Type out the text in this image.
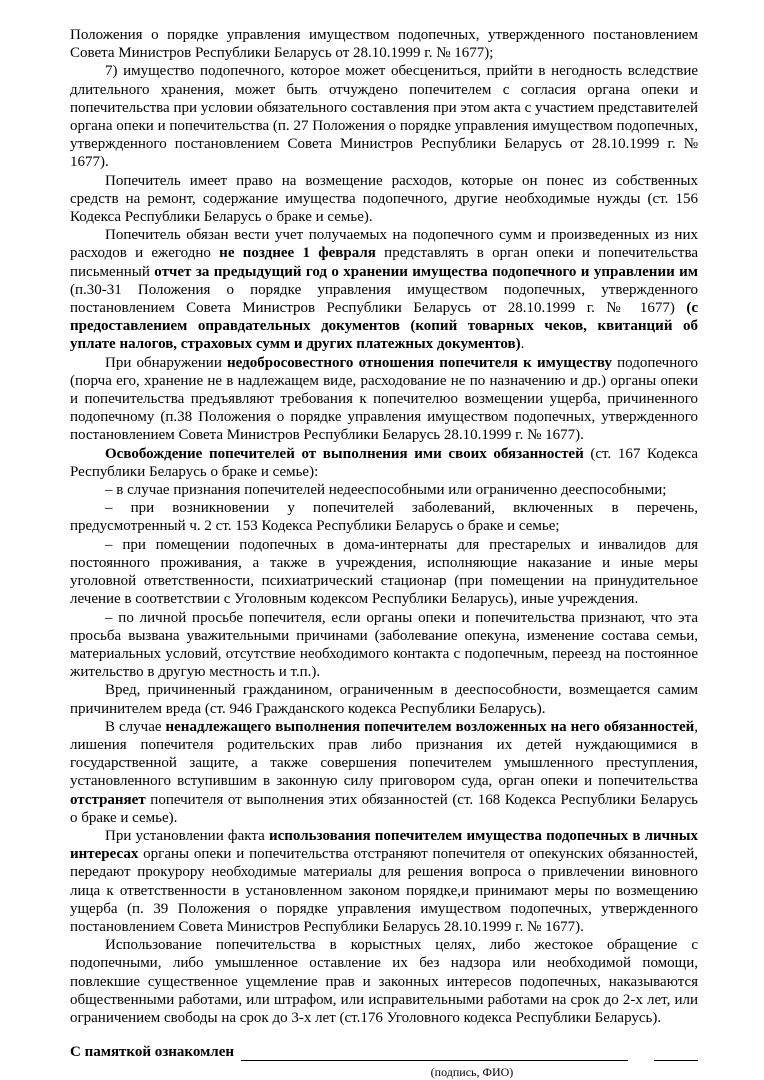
Положения о порядке управления имуществом подопечных, утвержденного постановлением Совета Министров Республики Беларусь от 28.10.1999 г. № 1677);

7) имущество подопечного, которое может обесцениться, прийти в негодность вследствие длительного хранения, может быть отчуждено попечителем с согласия органа опеки и попечительства при условии обязательного составления при этом акта с участием представителей органа опеки и попечительства (п. 27 Положения о порядке управления имуществом подопечных, утвержденного постановлением Совета Министров Республики Беларусь от 28.10.1999 г. № 1677).

Попечитель имеет право на возмещение расходов, которые он понес из собственных средств на ремонт, содержание имущества подопечного, другие необходимые нужды (ст. 156 Кодекса Республики Беларусь о браке и семье).

Попечитель обязан вести учет получаемых на подопечного сумм и произведенных из них расходов и ежегодно не позднее 1 февраля представлять в орган опеки и попечительства письменный отчет за предыдущий год о хранении имущества подопечного и управлении им (п.30-31 Положения о порядке управления имуществом подопечных, утвержденного постановлением Совета Министров Республики Беларусь от 28.10.1999 г. № 1677) (с предоставлением оправдательных документов (копий товарных чеков, квитанций об уплате налогов, страховых сумм и других платежных документов).

При обнаружении недобросовестного отношения попечителя к имуществу подопечного (порча его, хранение не в надлежащем виде, расходование не по назначению и др.) органы опеки и попечительства предъявляют требования к попечителюо возмещении ущерба, причиненного подопечному (п.38 Положения о порядке управления имуществом подопечных, утвержденного постановлением Совета Министров Республики Беларусь 28.10.1999 г. № 1677).

Освобождение попечителей от выполнения ими своих обязанностей (ст. 167 Кодекса Республики Беларусь о браке и семье):

– в случае признания попечителей недееспособными или ограниченно дееспособными;

– при возникновении у попечителей заболеваний, включенных в перечень, предусмотренный ч. 2 ст. 153 Кодекса Республики Беларусь о браке и семье;

– при помещении подопечных в дома-интернаты для престарелых и инвалидов для постоянного проживания, а также в учреждения, исполняющие наказание и иные меры уголовной ответственности, психиатрический стационар (при помещении на принудительное лечение в соответствии с Уголовным кодексом Республики Беларусь), иные учреждения.

– по личной просьбе попечителя, если органы опеки и попечительства признают, что эта просьба вызвана уважительными причинами (заболевание опекуна, изменение состава семьи, материальных условий, отсутствие необходимого контакта с подопечным, переезд на постоянное жительство в другую местность и т.п.).

Вред, причиненный гражданином, ограниченным в дееспособности, возмещается самим причинителем вреда (ст. 946 Гражданского кодекса Республики Беларусь).

В случае ненадлежащего выполнения попечителем возложенных на него обязанностей, лишения попечителя родительских прав либо признания их детей нуждающимися в государственной защите, а также совершения попечителем умышленного преступления, установленного вступившим в законную силу приговором суда, орган опеки и попечительства отстраняет попечителя от выполнения этих обязанностей (ст. 168 Кодекса Республики Беларусь о браке и семье).

При установлении факта использования попечителем имущества подопечных в личных интересах органы опеки и попечительства отстраняют попечителя от опекунских обязанностей, передают прокурору необходимые материалы для решения вопроса о привлечении виновного лица к ответственности в установленном законом порядке,и принимают меры по возмещению ущерба (п. 39 Положения о порядке управления имуществом подопечных, утвержденного постановлением Совета Министров Республики Беларусь 28.10.1999 г. № 1677).

Использование попечительства в корыстных целях, либо жестокое обращение с подопечными, либо умышленное оставление их без надзора или необходимой помощи, повлекшие существенное ущемление прав и законных интересов подопечных, наказываются общественными работами, или штрафом, или исправительными работами на срок до 2-х лет, или ограничением свободы на срок до 3-х лет (ст.176 Уголовного кодекса Республики Беларусь).

С памяткой ознакомлен
(подпись, ФИО)
